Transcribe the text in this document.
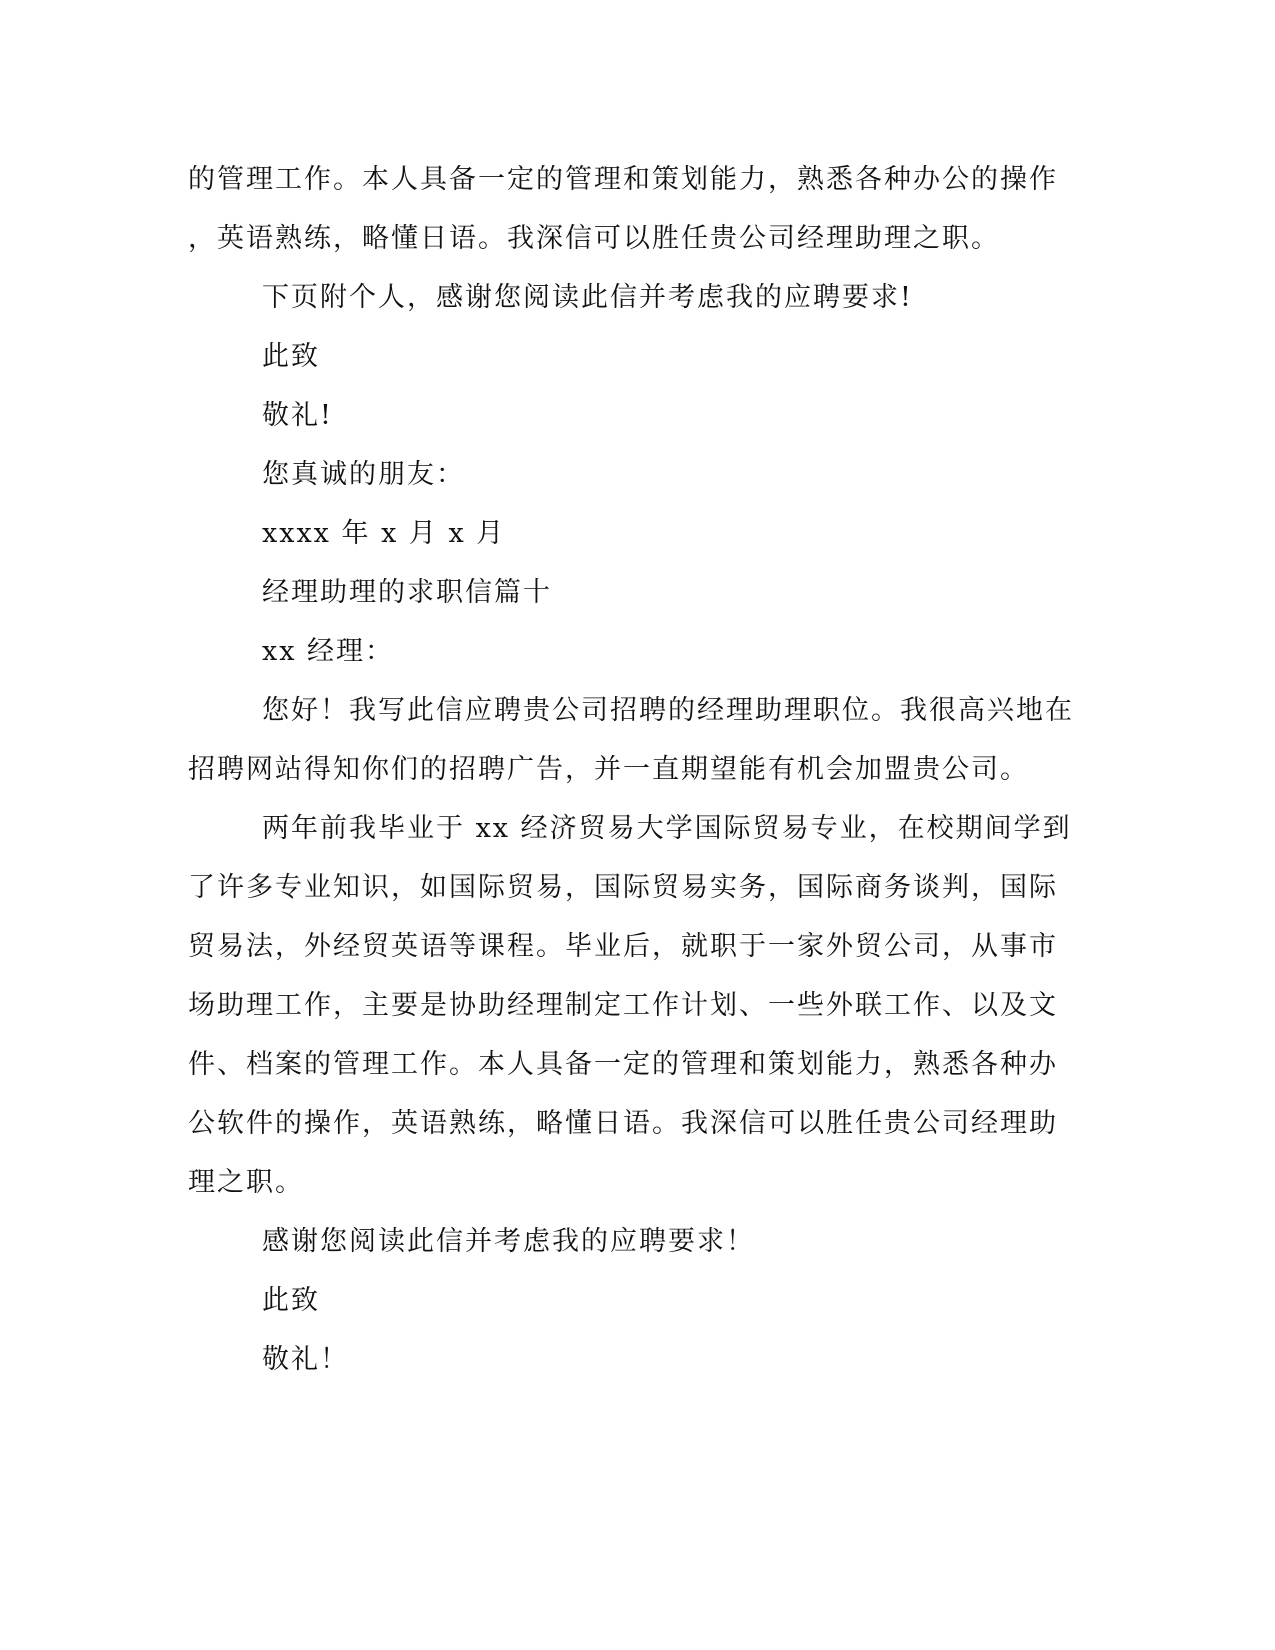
的管理工作。本人具备一定的管理和策划能力，熟悉各种办公的操作
，英语熟练，略懂日语。我深信可以胜任贵公司经理助理之职。
下页附个人，感谢您阅读此信并考虑我的应聘要求!
此致
敬礼!
您真诚的朋友：
xxxx 年 x 月 x 月
经理助理的求职信篇十
xx 经理：
您好！我写此信应聘贵公司招聘的经理助理职位。我很高兴地在
招聘网站得知你们的招聘广告，并一直期望能有机会加盟贵公司。
两年前我毕业于 xx 经济贸易大学国际贸易专业，在校期间学到
了许多专业知识，如国际贸易，国际贸易实务，国际商务谈判，国际
贸易法，外经贸英语等课程。毕业后，就职于一家外贸公司，从事市
场助理工作，主要是协助经理制定工作计划、一些外联工作、以及文
件、档案的管理工作。本人具备一定的管理和策划能力，熟悉各种办
公软件的操作，英语熟练，略懂日语。我深信可以胜任贵公司经理助
理之职。
感谢您阅读此信并考虑我的应聘要求！
此致
敬礼！
